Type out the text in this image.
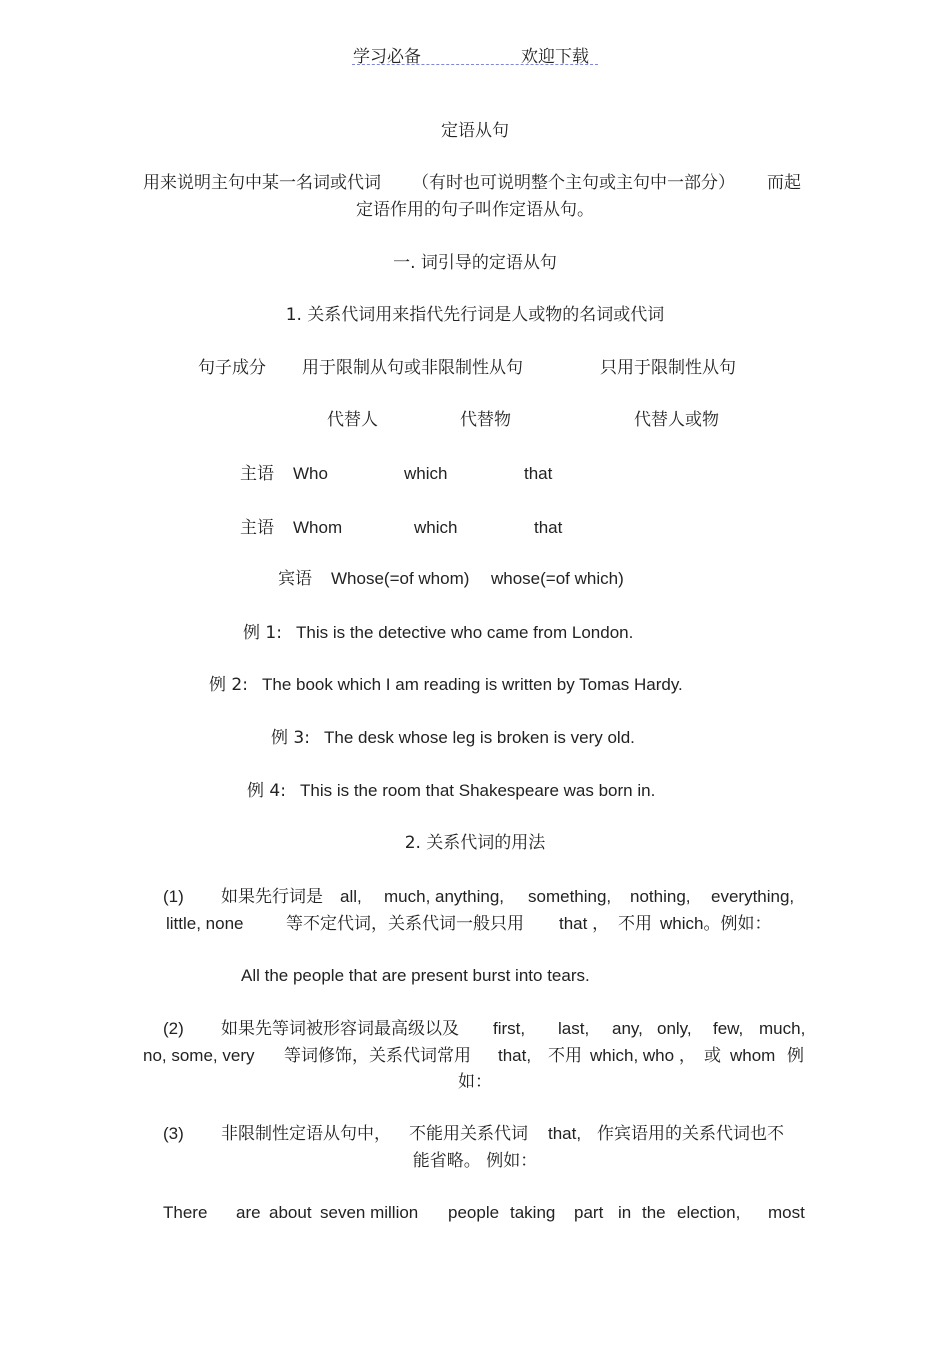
学习必备	欢迎下载
定语从句
用来说明主句中某一名词或代词 （有时也可说明整个主句或主句中一部分） 而起
定语作用的句子叫作定语从句。
一. 词引导的定语从句
1. 关系代词用来指代先行词是人或物的名词或代词
句子成分 用于限制从句或非限制性从句	只用于限制性从句
代替人	代替物	代替人或物
主语 Who	which	that
主语 Whom	which	that
宾语 Whose(=of whom) whose(=of which)
例 1: This is the detective who came from London.
例 2: The book which I am reading is written by Tomas Hardy.
例 3: The desk whose leg is broken is very old.
例 4: This is the room that Shakespeare was born in.
2. 关系代词的用法
(1) 如果先行词是 all, much, anything, something, nothing, everything,
little, none	等不定代词，关系代词一般只用 that ， 不用 which。例如：
All the people that are present burst into tears.
(2) 如果先等词被形容词最高级以及 first, last, any, only, few, much,
no, some, very 等词修饰，关系代词常用 that, 不用 which, who ， 或 whom 例
如：
(3) 非限制性定语从句中， 不能用关系代词 that, 作宾语用的关系代词也不
能省略。 例如：
There are about seven million people taking part in the election, most
